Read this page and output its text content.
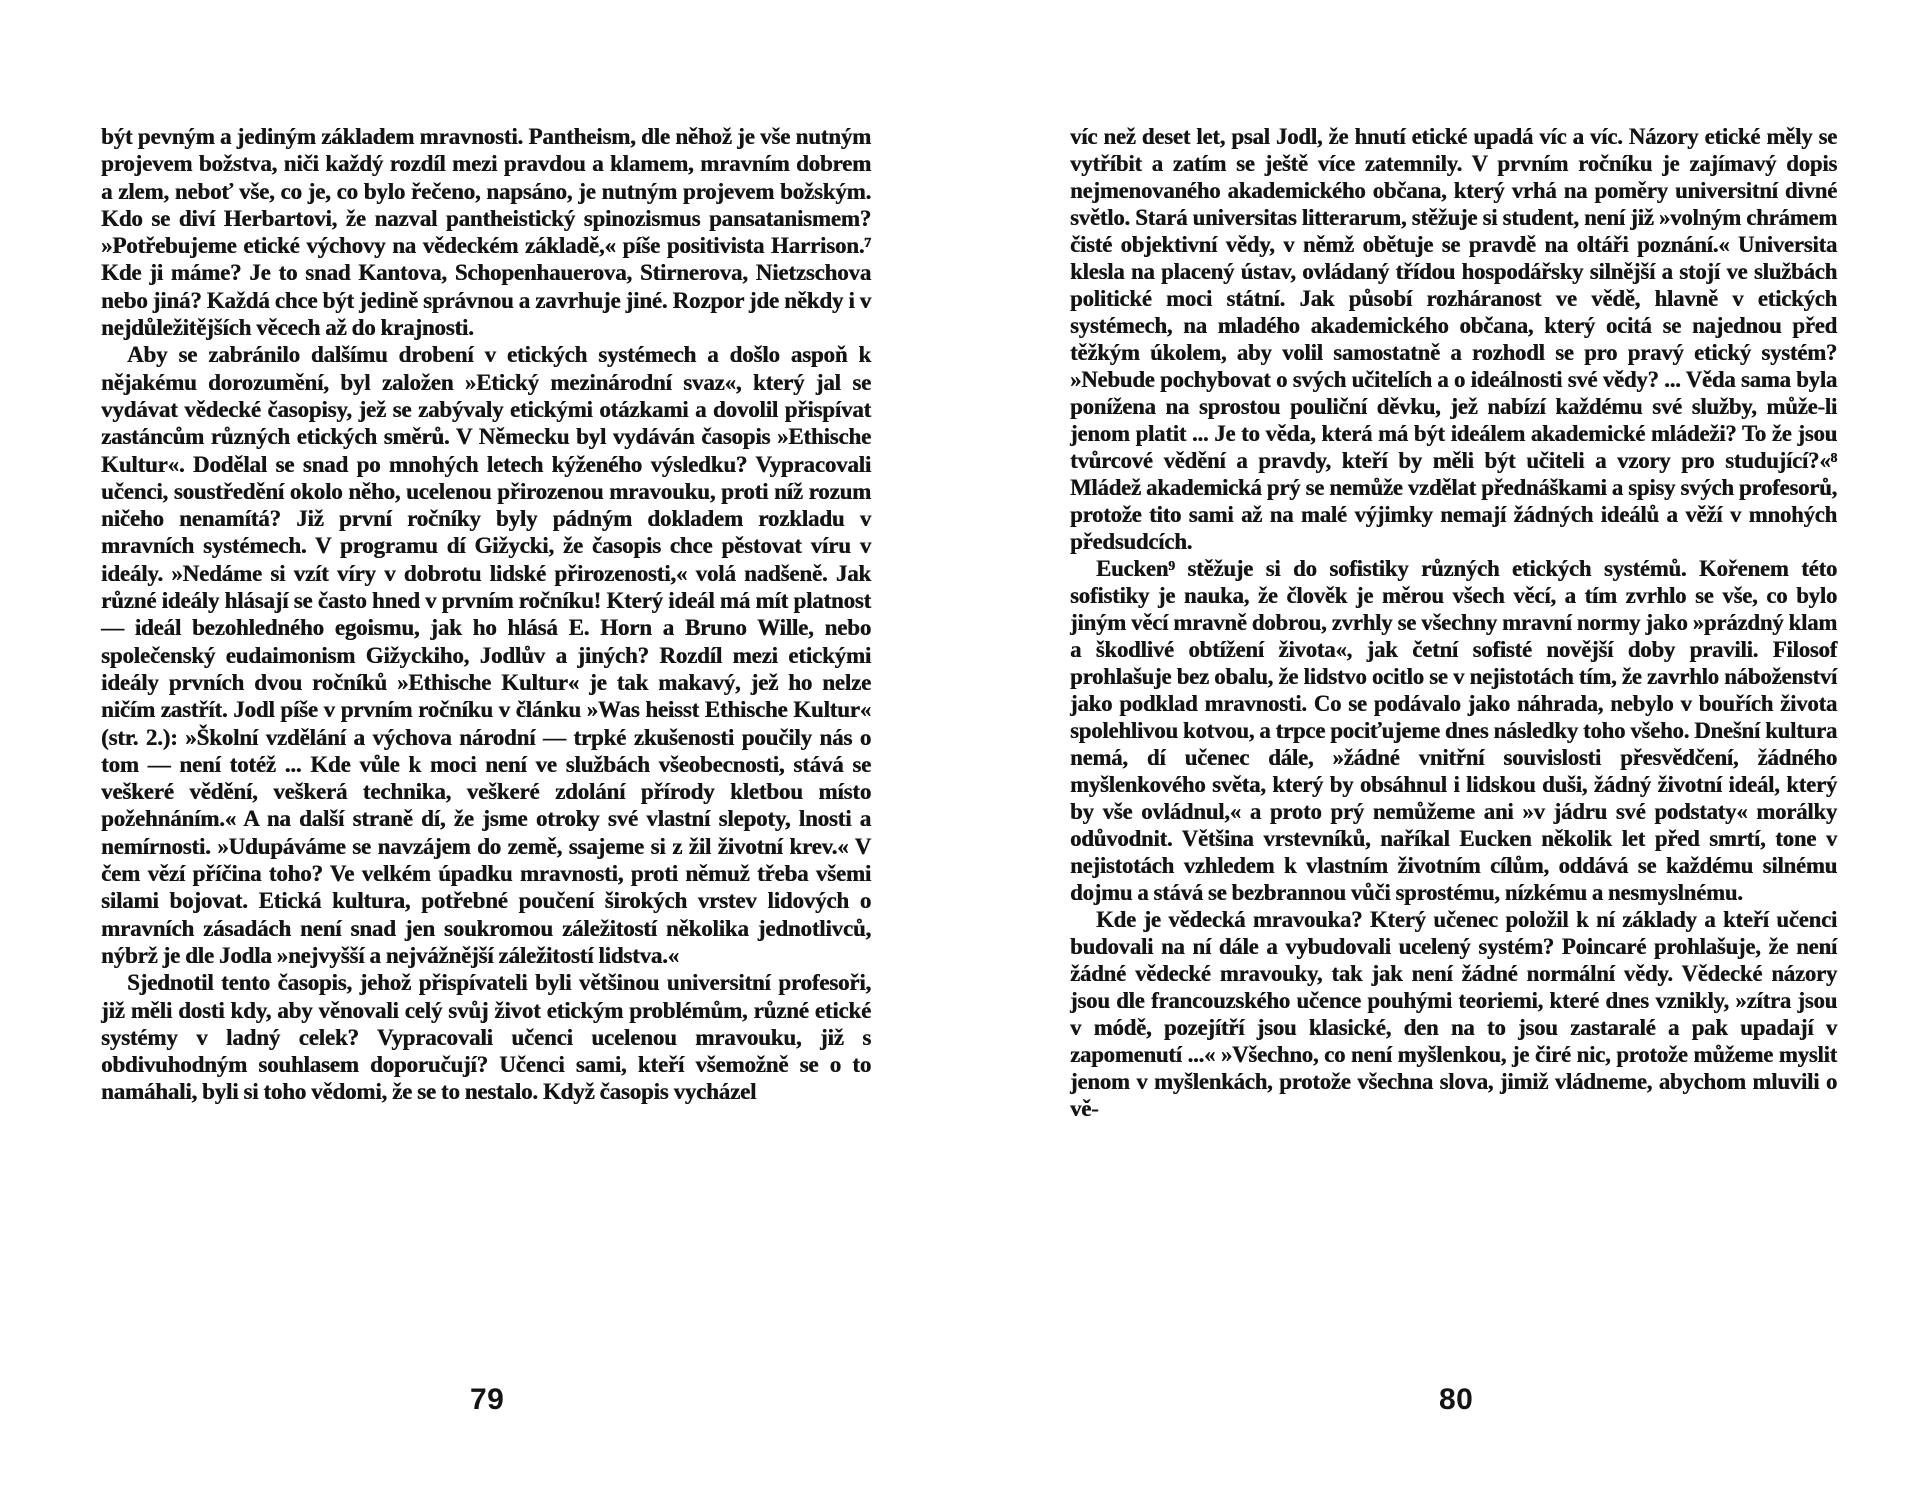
být pevným a jediným základem mravnosti. Pantheism, dle něhož je vše nutným projevem božstva, niči každý rozdíl mezi pravdou a klamem, mravním dobrem a zlem, neboť vše, co je, co bylo řečeno, napsáno, je nutným projevem božským. Kdo se diví Herbartovi, že nazval pantheistický spinozismus pansatanismem? »Potřebujeme etické výchovy na vědeckém základě,« píše positivista Harrison.⁷ Kde ji máme? Je to snad Kantova, Schopenhauerova, Stirnerova, Nietzschova nebo jiná? Každá chce být jedině správnou a zavrhuje jiné. Rozpor jde někdy i v nejdůležitějších věcech až do krajnosti.

Aby se zabránilo dalšímu drobení v etických systémech a došlo aspoň k nějakému dorozumění, byl založen »Etický mezinárodní svaz«, který jal se vydávat vědecké časopisy, jež se zabývaly etickými otázkami a dovolil přispívat zastáncům různých etických směrů. V Německu byl vydáván časopis »Ethische Kultur«. Dodělal se snad po mnohých letech kýženého výsledku? Vypracovali učenci, soustředění okolo něho, ucelenou přirozenou mravouku, proti níž rozum ničeho nenamítá? Již první ročníky byly pádným dokladem rozkladu v mravních systémech. V programu dí Gižycki, že časopis chce pěstovat víru v ideály. »Nedáme si vzít víry v dobrotu lidské přirozenosti,« volá nadšeně. Jak různé ideály hlásají se často hned v prvním ročníku! Který ideál má mít platnost — ideál bezohledného egoismu, jak ho hlásá E. Horn a Bruno Wille, nebo společenský eudaimonism Gižyckiho, Jodlův a jiných? Rozdíl mezi etickými ideály prvních dvou ročníků »Ethische Kultur« je tak makavý, jež ho nelze ničím zastřít. Jodl píše v prvním ročníku v článku »Was heisst Ethische Kultur« (str. 2.): »Školní vzdělání a výchova národní — trpké zkušenosti poučily nás o tom — není totéž ... Kde vůle k moci není ve službách všeobecnosti, stává se veškeré vědění, veškerá technika, veškeré zdolání přírody kletbou místo požehnáním.« A na další straně dí, že jsme otroky své vlastní slepoty, lnosti a nemírnosti. »Udupáváme se navzájem do země, ssajeme si z žil životní krev.« V čem vězí příčina toho? Ve velkém úpadku mravnosti, proti němuž třeba všemi silami bojovat. Etická kultura, potřebné poučení širokých vrstev lidových o mravních zásadách není snad jen soukromou záležitostí několika jednotlivců, nýbrž je dle Jodla »nejvyšší a nejvážnější záležitostí lidstva.«

Sjednotil tento časopis, jehož přispívateli byli většinou universitní profesoři, již měli dosti kdy, aby věnovali celý svůj život etickým problémům, různé etické systémy v ladný celek? Vypracovali učenci ucelenou mravouku, již s obdivuhodným souhlasem doporučují? Učenci sami, kteří všemožně se o to namáhali, byli si toho vědomi, že se to nestalo. Když časopis vycházel

79

víc než deset let, psal Jodl, že hnutí etické upadá víc a víc. Názory etické měly se vytříbit a zatím se ještě více zatemnily. V prvním ročníku je zajímavý dopis nejmenovaného akademického občana, který vrhá na poměry universitní divné světlo. Stará universitas litterarum, stěžuje si student, není již »volným chrámem čisté objektivní vědy, v němž obětuje se pravdě na oltáři poznání.« Universita klesla na placený ústav, ovládaný třídou hospodářsky silnější a stojí ve službách politické moci státní. Jak působí rozháranost ve vědě, hlavně v etických systémech, na mladého akademického občana, který ocitá se najednou před těžkým úkolem, aby volil samostatně a rozhodl se pro pravý etický systém? »Nebude pochybovat o svých učitelích a o ideálnosti své vědy? ... Věda sama byla ponížena na sprostou pouliční děvku, jež nabízí každému své služby, může-li jenom platit ... Je to věda, která má být ideálem akademické mládeži? To že jsou tvůrcové vědění a pravdy, kteří by měli být učiteli a vzory pro studující?«⁸ Mládež akademická prý se nemůže vzdělat přednáškami a spisy svých profesorů, protože tito sami až na malé výjimky nemají žádných ideálů a věží v mnohých předsudcích.

Eucken⁹ stěžuje si do sofistiky různých etických systémů. Kořenem této sofistiky je nauka, že člověk je měrou všech věcí, a tím zvrhlo se vše, co bylo jiným věcí mravně dobrou, zvrhly se všechny mravní normy jako »prázdný klam a škodlivé obtížení života«, jak četní sofisté novější doby pravili. Filosof prohlašuje bez obalu, že lidstvo ocitlo se v nejistotách tím, že zavrhlo náboženství jako podklad mravnosti. Co se podávalo jako náhrada, nebylo v bouřích života spolehlivou kotvou, a trpce pociťujeme dnes následky toho všeho. Dnešní kultura nemá, dí učenec dále, »žádné vnitřní souvislosti přesvědčení, žádného myšlenkového světa, který by obsáhnul i lidskou duši, žádný životní ideál, který by vše ovládnul,« a proto prý nemůžeme ani »v jádru své podstaty« morálky odůvodnit. Většina vrstevníků, naříkal Eucken několik let před smrtí, tone v nejistotách vzhledem k vlastním životním cílům, oddává se každému silnému dojmu a stává se bezbrannou vůči sprostému, nízkému a nesmyslnému.

Kde je vědecká mravouka? Který učenec položil k ní základy a kteří učenci budovali na ní dále a vybudovali ucelený systém? Poincaré prohlašuje, že není žádné vědecké mravouky, tak jak není žádné normální vědy. Vědecké názory jsou dle francouzského učence pouhými teoriemi, které dnes vznikly, »zítra jsou v módě, pozejítří jsou klasické, den na to jsou zastaralé a pak upadají v zapomenutí ...« »Všechno, co není myšlenkou, je čiré nic, protože můžeme myslit jenom v myšlenkách, protože všechna slova, jimiž vládneme, abychom mluvili o vě-

80
